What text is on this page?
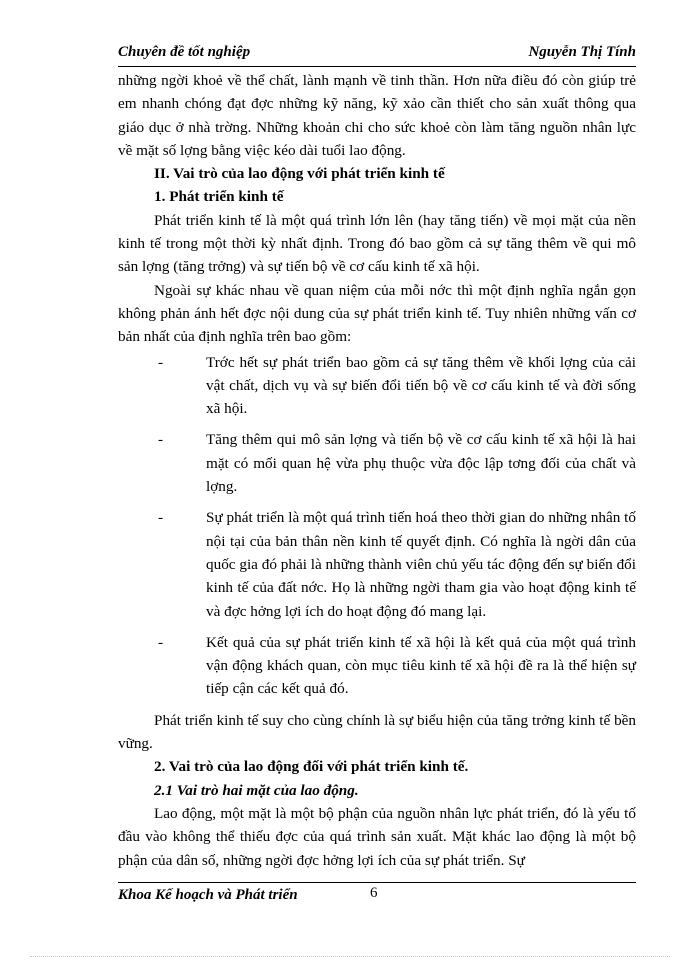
Chuyên đề tốt nghiệp	Nguyễn Thị Tính

những ngời khoẻ về thể chất, lành mạnh về tinh thần. Hơn nữa điều đó còn giúp trẻ em nhanh chóng đạt đợc những kỹ năng, kỹ xảo cần thiết cho sản xuất thông qua giáo dục ở nhà trờng. Những khoản chi cho sức khoẻ còn làm tăng nguồn nhân lực về mặt số lợng bằng việc kéo dài tuổi lao động.

II. Vai trò của lao động với phát triển kinh tế

1. Phát triển kinh tế

Phát triển kinh tế là một quá trình lớn lên (hay tăng tiến) về mọi mặt của nền kinh tế trong một thời kỳ nhất định. Trong đó bao gồm cả sự tăng thêm về qui mô sản lợng (tăng trởng) và sự tiến bộ về cơ cấu kinh tế xã hội.

Ngoài sự khác nhau về quan niệm của mỗi nớc thì một định nghĩa ngắn gọn không phản ánh hết đợc nội dung của sự phát triển kinh tế. Tuy nhiên những vấn cơ bản nhất của định nghĩa trên bao gồm:

-	Trớc hết sự phát triển bao gồm cả sự tăng thêm về khối lợng của cải vật chất, dịch vụ và sự biến đổi tiến bộ về cơ cấu kinh tế và đời sống xã hội.
-	Tăng thêm qui mô sản lợng và tiến bộ về cơ cấu kinh tế xã hội là hai mặt có mối quan hệ vừa phụ thuộc vừa độc lập tơng đối của chất và lợng.
-	Sự phát triển là một quá trình tiến hoá theo thời gian do những nhân tố nội tại của bản thân nền kinh tế quyết định. Có nghĩa là ngời dân của quốc gia đó phải là những thành viên chủ yếu tác động đến sự biến đổi kinh tế của đất nớc. Họ là những ngời tham gia vào hoạt động kinh tế và đợc hởng lợi ích do hoạt động đó mang lại.
-	Kết quả của sự phát triển kinh tế xã hội là kết quả của một quá trình vận động khách quan, còn mục tiêu kinh tế xã hội đề ra là thể hiện sự tiếp cận các kết quả đó.

Phát triển kinh tế suy cho cùng chính là sự biểu hiện của tăng trởng kinh tế bền vững.

2. Vai trò của lao động đối với phát triển kinh tế.

2.1 Vai trò hai mặt của lao động.

Lao động, một mặt là một bộ phận của nguồn nhân lực phát triển, đó là yếu tố đầu vào không thể thiếu đợc của quá trình sản xuất. Mặt khác lao động là một bộ phận của dân số, những ngời đợc hởng lợi ích của sự phát triển. Sự

Khoa Kế hoạch và Phát triển	6
